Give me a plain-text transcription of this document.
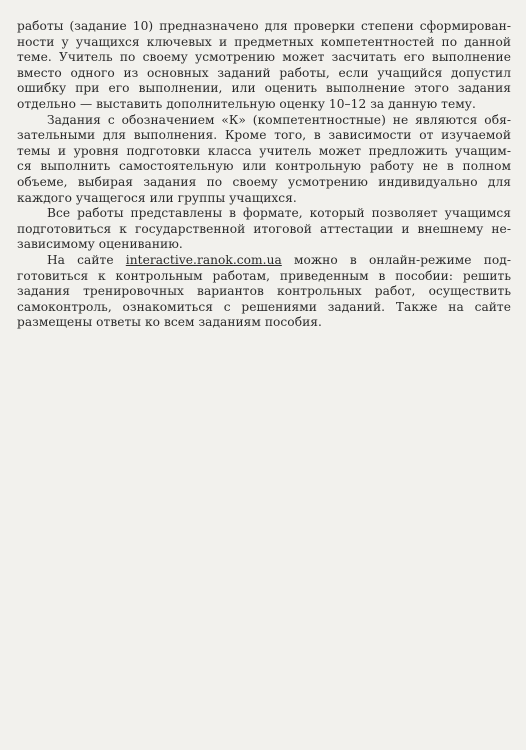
работы (задание 10) предназначено для проверки степени сформирован-
ности у учащихся ключевых и предметных компетентностей по данной
теме. Учитель по своему усмотрению может засчитать его выполнение
вместо одного из основных заданий работы, если учащийся допустил
ошибку при его выполнении, или оценить выполнение этого задания
отдельно — выставить дополнительную оценку 10–12 за данную тему.
Задания с обозначением «К» (компетентностные) не являются обя-
зательными для выполнения. Кроме того, в зависимости от изучаемой
темы и уровня подготовки класса учитель может предложить учащим-
ся выполнить самостоятельную или контрольную работу не в полном
объеме, выбирая задания по своему усмотрению индивидуально для
каждого учащегося или группы учащихся.
Все работы представлены в формате, который позволяет учащимся
подготовиться к государственной итоговой аттестации и внешнему не-
зависимому оцениванию.
На сайте interactive.ranok.com.ua можно в онлайн-режиме под-
готовиться к контрольным работам, приведенным в пособии: решить
задания тренировочных вариантов контрольных работ, осуществить
самоконтроль, ознакомиться с решениями заданий. Также на сайте
размещены ответы ко всем заданиям пособия.
